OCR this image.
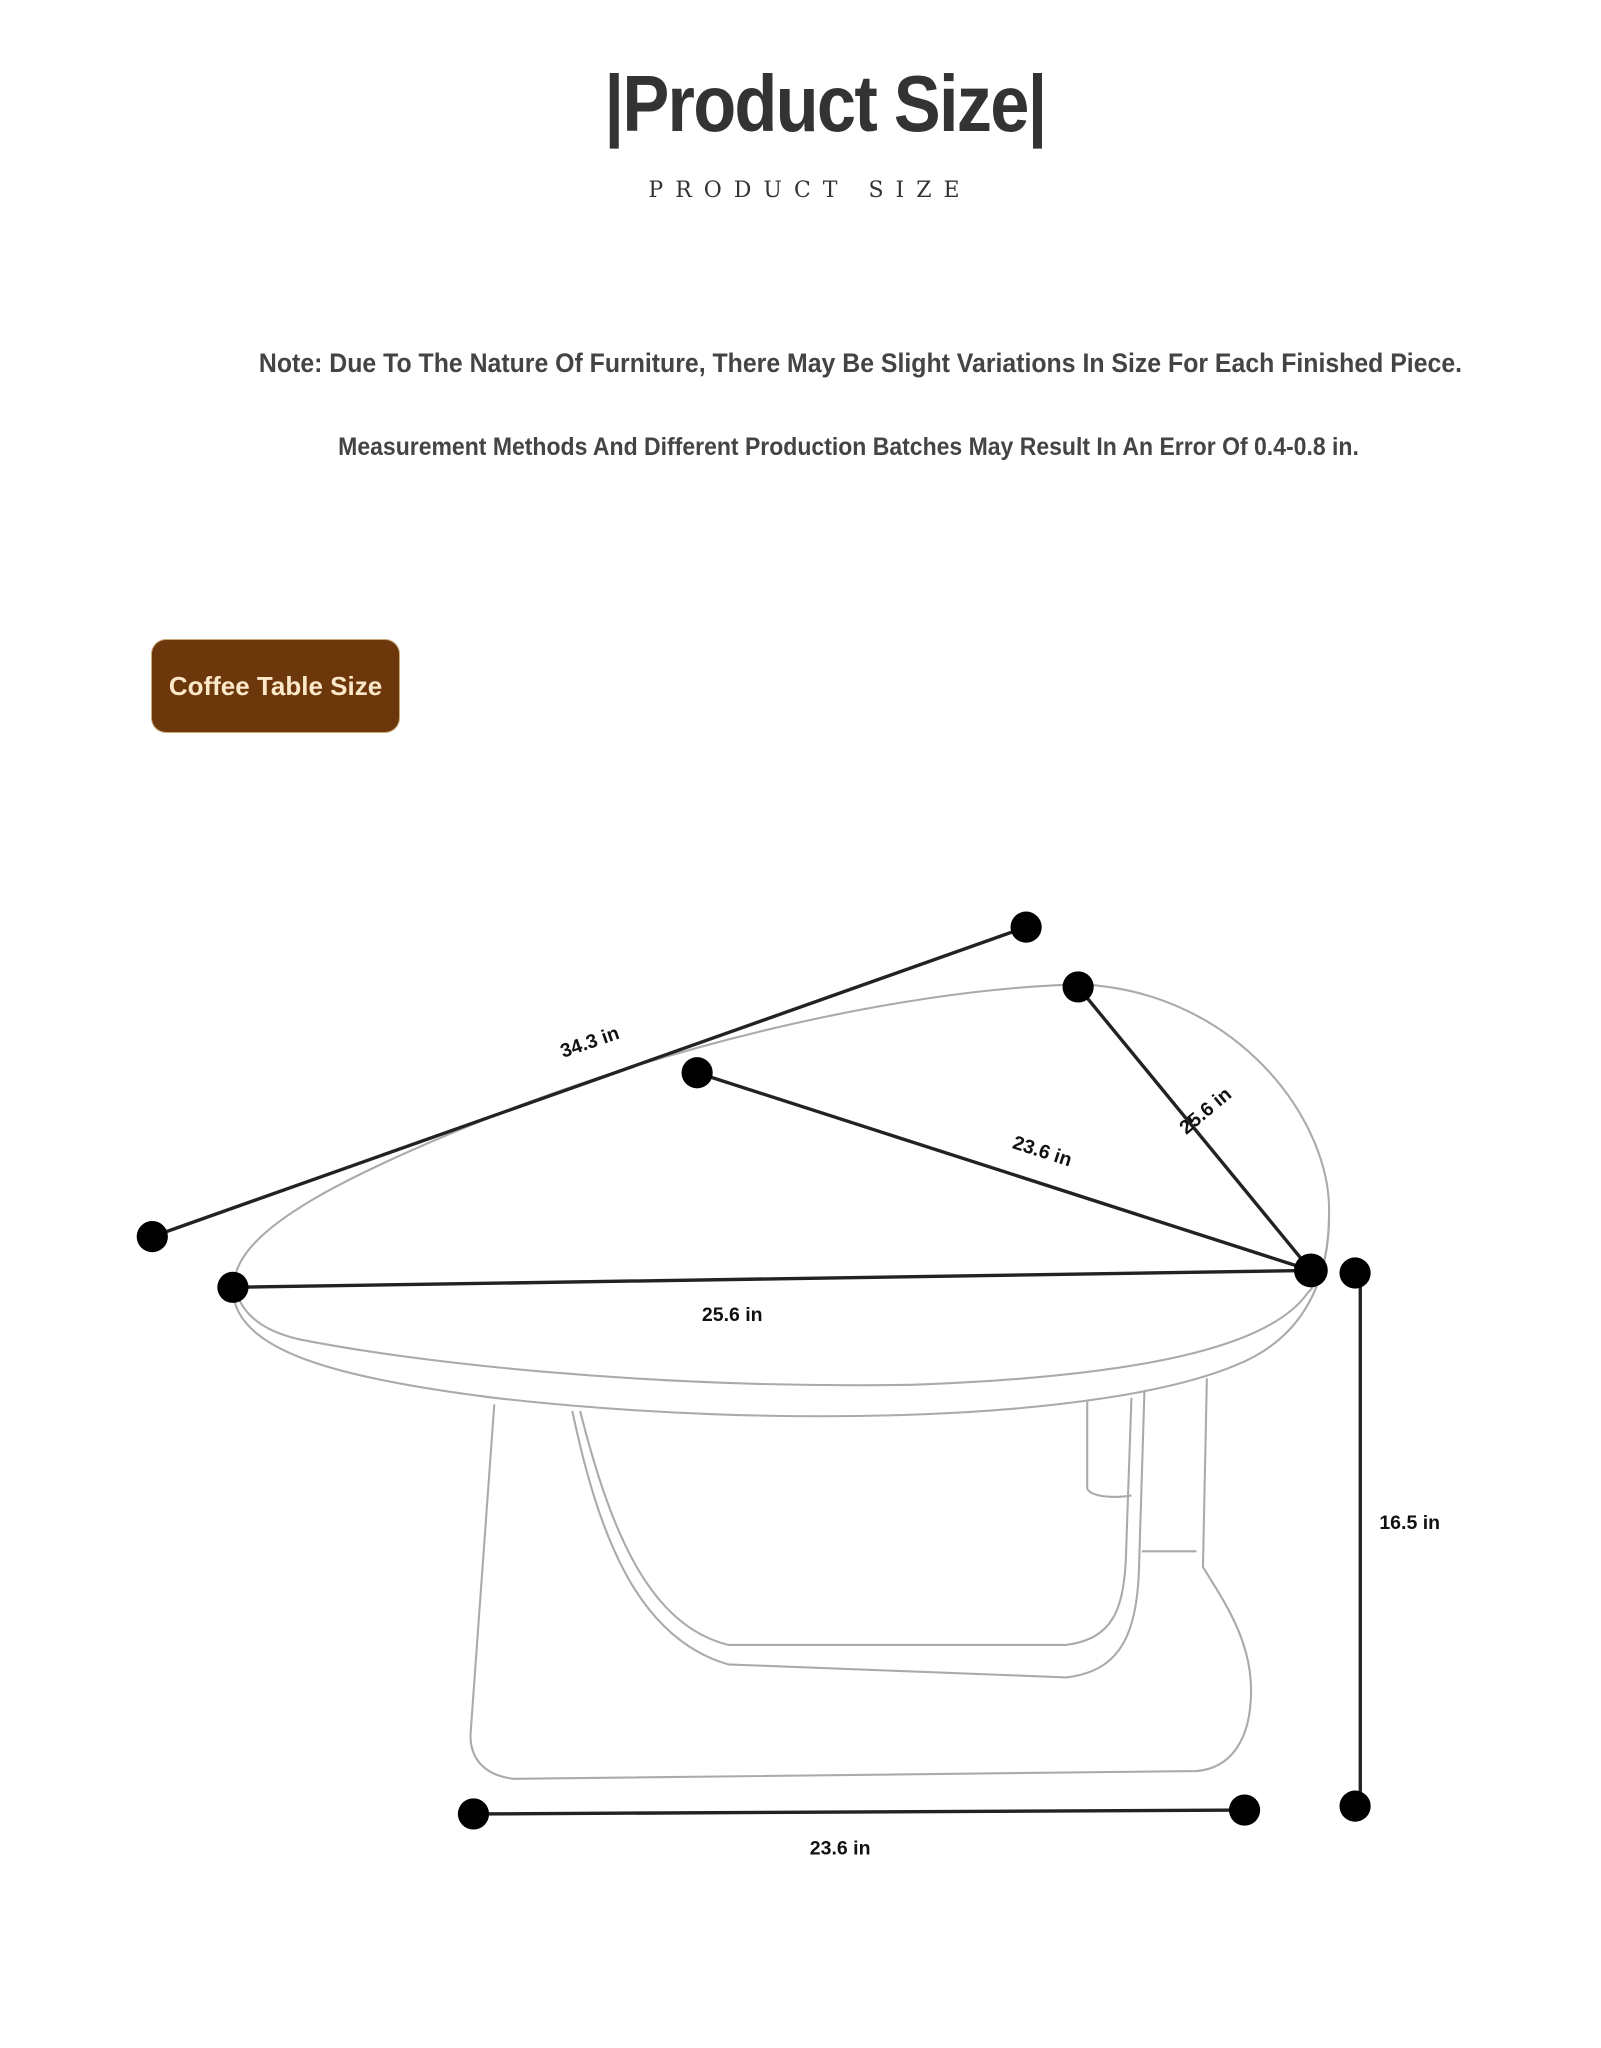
|Product Size|
PRODUCT SIZE
Note: Due To The Nature Of Furniture, There May Be Slight Variations In Size For Each Finished Piece.
Measurement Methods And Different Production Batches May Result In An Error Of 0.4-0.8 in.
Coffee Table Size
34.3 in
23.6 in
25.6 in
25.6 in
16.5 in
23.6 in
